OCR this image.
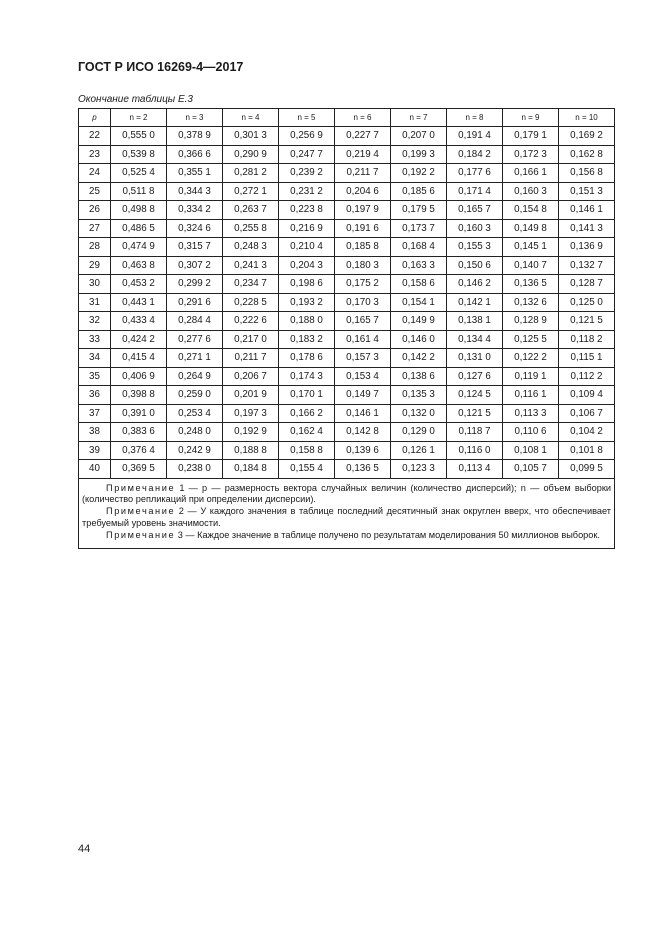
ГОСТ Р ИСО 16269-4—2017
Окончание таблицы Е.3
p	n = 2	n = 3	n = 4	n = 5	n = 6	n = 7	n = 8	n = 9	n = 10
22	0,555 0	0,378 9	0,301 3	0,256 9	0,227 7	0,207 0	0,191 4	0,179 1	0,169 2
23	0,539 8	0,366 6	0,290 9	0,247 7	0,219 4	0,199 3	0,184 2	0,172 3	0,162 8
24	0,525 4	0,355 1	0,281 2	0,239 2	0,211 7	0,192 2	0,177 6	0,166 1	0,156 8
25	0,511 8	0,344 3	0,272 1	0,231 2	0,204 6	0,185 6	0,171 4	0,160 3	0,151 3
26	0,498 8	0,334 2	0,263 7	0,223 8	0,197 9	0,179 5	0,165 7	0,154 8	0,146 1
27	0,486 5	0,324 6	0,255 8	0,216 9	0,191 6	0,173 7	0,160 3	0,149 8	0,141 3
28	0,474 9	0,315 7	0,248 3	0,210 4	0,185 8	0,168 4	0,155 3	0,145 1	0,136 9
29	0,463 8	0,307 2	0,241 3	0,204 3	0,180 3	0,163 3	0,150 6	0,140 7	0,132 7
30	0,453 2	0,299 2	0,234 7	0,198 6	0,175 2	0,158 6	0,146 2	0,136 5	0,128 7
31	0,443 1	0,291 6	0,228 5	0,193 2	0,170 3	0,154 1	0,142 1	0,132 6	0,125 0
32	0,433 4	0,284 4	0,222 6	0,188 0	0,165 7	0,149 9	0,138 1	0,128 9	0,121 5
33	0,424 2	0,277 6	0,217 0	0,183 2	0,161 4	0,146 0	0,134 4	0,125 5	0,118 2
34	0,415 4	0,271 1	0,211 7	0,178 6	0,157 3	0,142 2	0,131 0	0,122 2	0,115 1
35	0,406 9	0,264 9	0,206 7	0,174 3	0,153 4	0,138 6	0,127 6	0,119 1	0,112 2
36	0,398 8	0,259 0	0,201 9	0,170 1	0,149 7	0,135 3	0,124 5	0,116 1	0,109 4
37	0,391 0	0,253 4	0,197 3	0,166 2	0,146 1	0,132 0	0,121 5	0,113 3	0,106 7
38	0,383 6	0,248 0	0,192 9	0,162 4	0,142 8	0,129 0	0,118 7	0,110 6	0,104 2
39	0,376 4	0,242 9	0,188 8	0,158 8	0,139 6	0,126 1	0,116 0	0,108 1	0,101 8
40	0,369 5	0,238 0	0,184 8	0,155 4	0,136 5	0,123 3	0,113 4	0,105 7	0,099 5

Примечание 1 — p — размерность вектора случайных величин (количество дисперсий); n — объем выборки (количество репликаций при определении дисперсии).
Примечание 2 — У каждого значения в таблице последний десятичный знак округлен вверх, что обеспечивает требуемый уровень значимости.
Примечание 3 — Каждое значение в таблице получено по результатам моделирования 50 миллионов выборок.									
44
